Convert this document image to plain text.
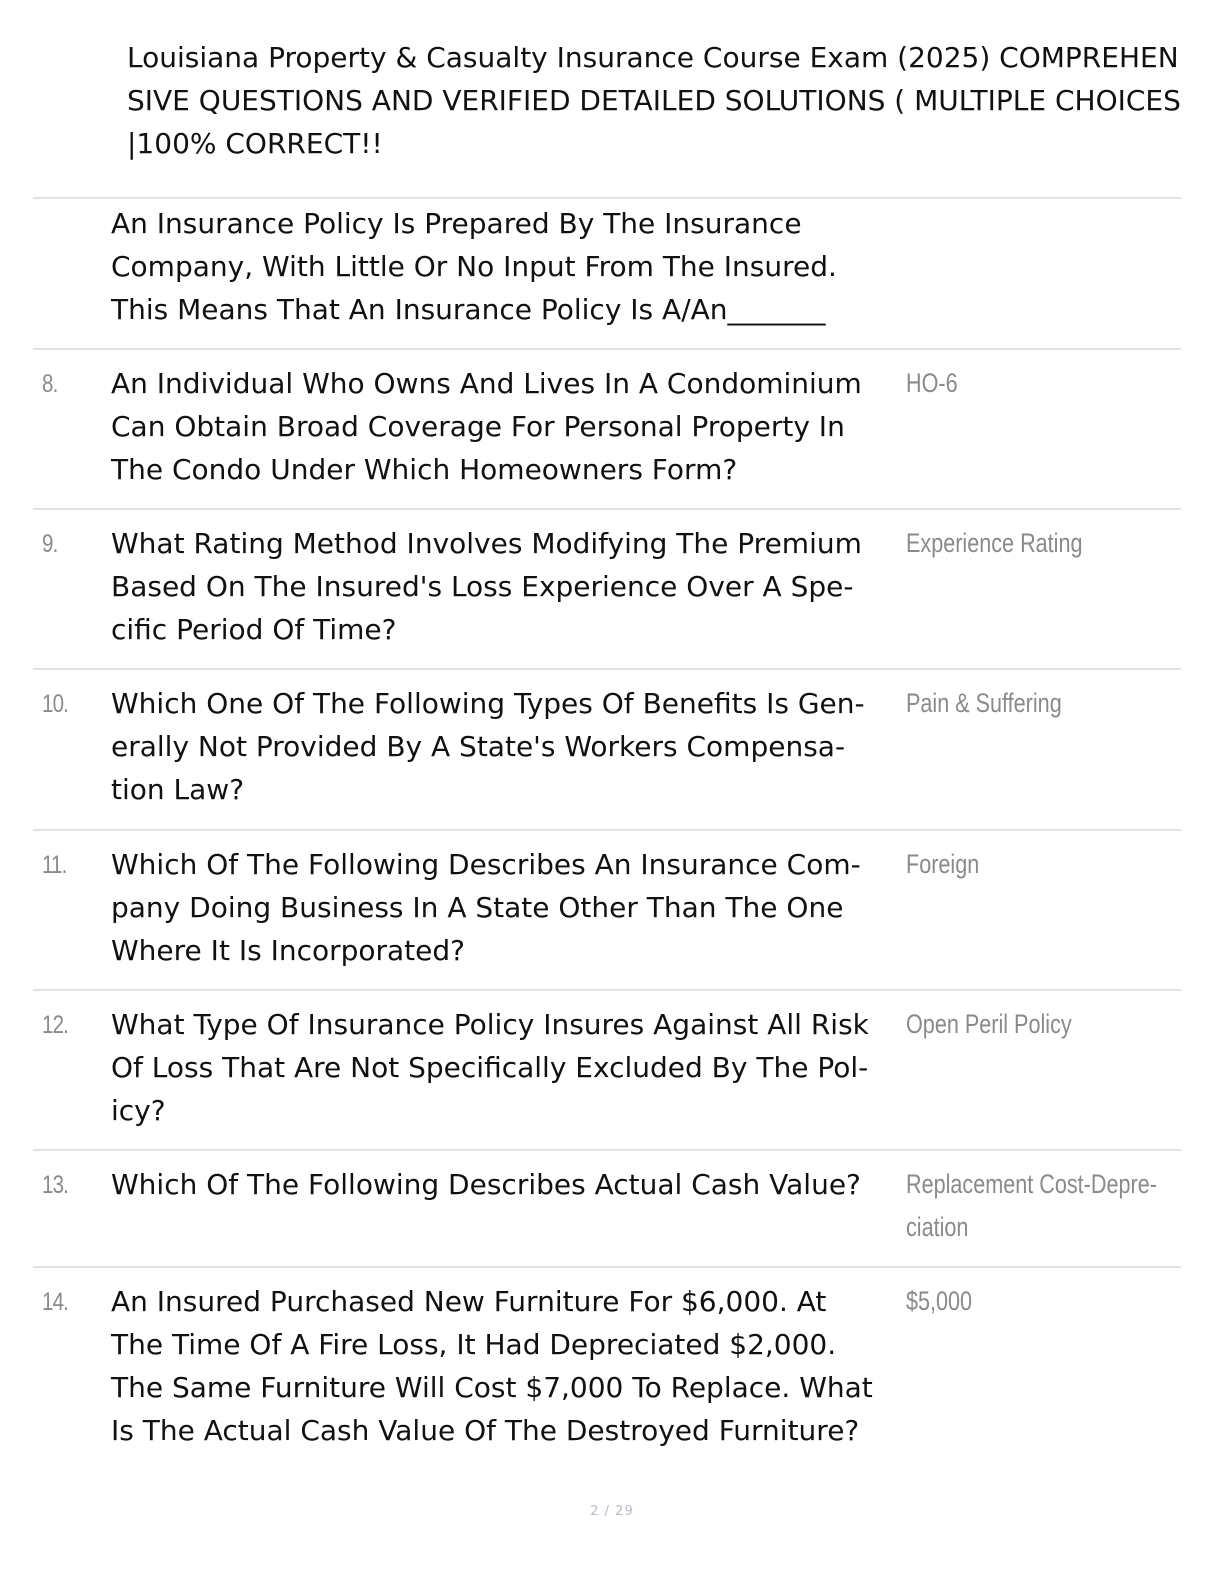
Louisiana Property & Casualty Insurance Course Exam (2025) COMPREHEN
SIVE QUESTIONS AND VERIFIED DETAILED SOLUTIONS ( MULTIPLE CHOICES
|100% CORRECT!!
An Insurance Policy Is Prepared By The Insurance
Company, With Little Or No Input From The Insured.
This Means That An Insurance Policy Is A/An_______
8. An Individual Who Owns And Lives In A Condominium
Can Obtain Broad Coverage For Personal Property In
The Condo Under Which Homeowners Form?
HO-6
9. What Rating Method Involves Modifying The Premium
Based On The Insured's Loss Experience Over A Spe-
cific Period Of Time?
Experience Rating
10. Which One Of The Following Types Of Benefits Is Gen-
erally Not Provided By A State's Workers Compensa-
tion Law?
Pain & Suffering
11. Which Of The Following Describes An Insurance Com-
pany Doing Business In A State Other Than The One
Where It Is Incorporated?
Foreign
12. What Type Of Insurance Policy Insures Against All Risk
Of Loss That Are Not Specifically Excluded By The Pol-
icy?
Open Peril Policy
13. Which Of The Following Describes Actual Cash Value?	Replacement Cost-Depre-
ciation
14. An Insured Purchased New Furniture For $6,000. At
The Time Of A Fire Loss, It Had Depreciated $2,000.
The Same Furniture Will Cost $7,000 To Replace. What
Is The Actual Cash Value Of The Destroyed Furniture?
$5,000
2 / 29
